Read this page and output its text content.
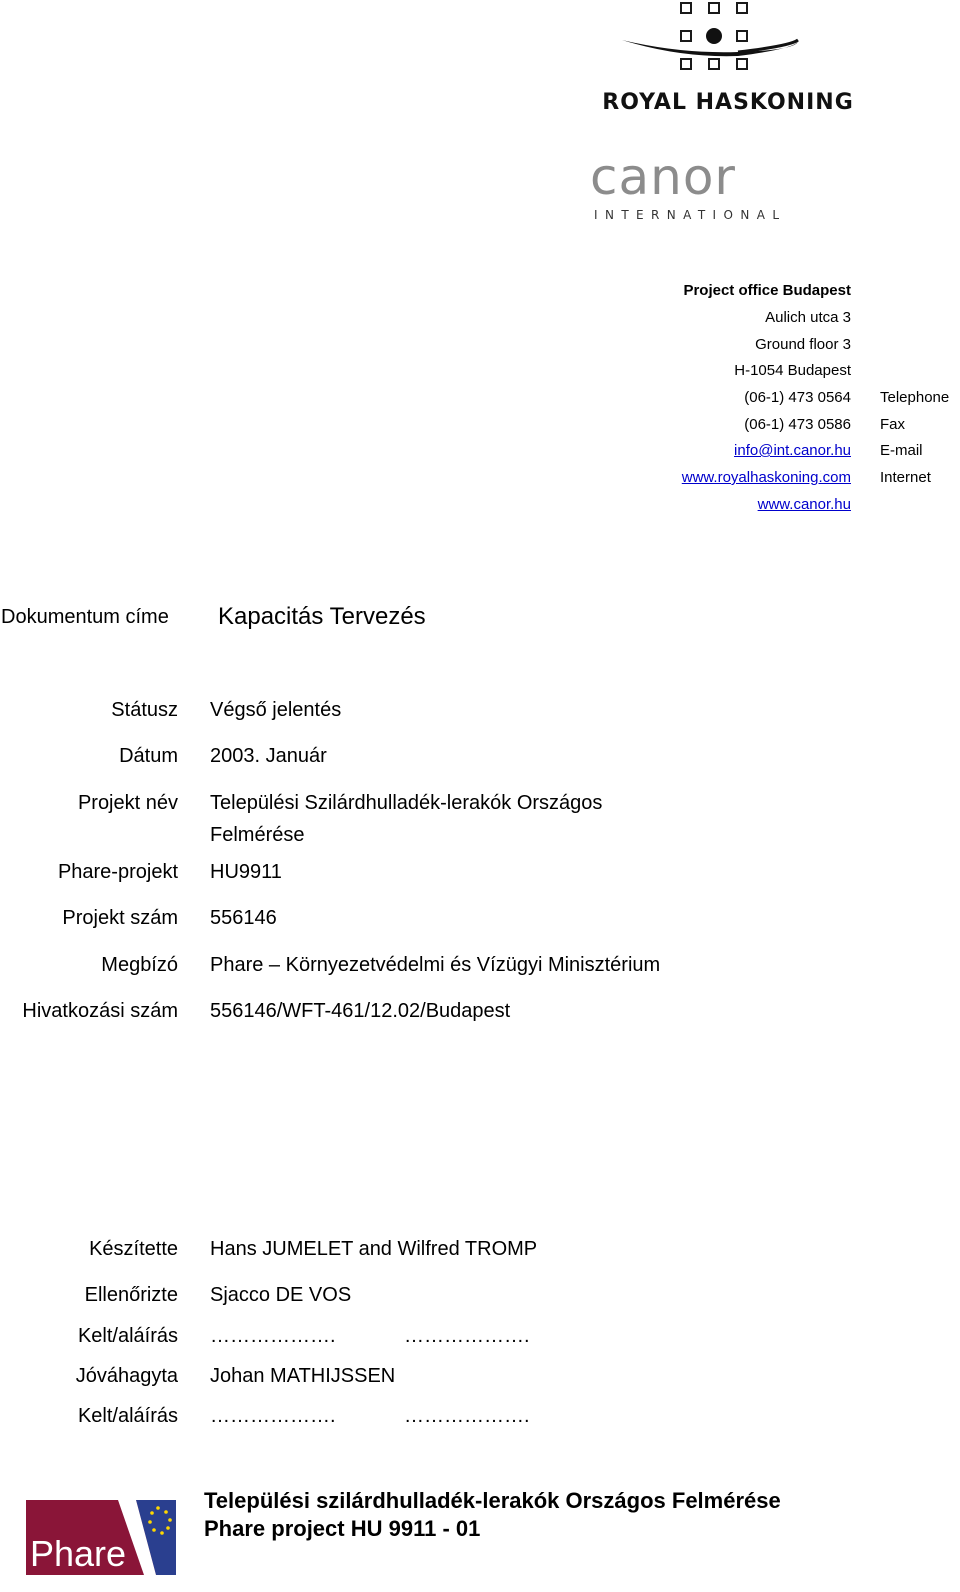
ROYAL HASKONING
canor
INTERNATIONAL
Project office Budapest
Aulich utca 3
Ground floor 3
H-1054 Budapest
(06-1) 473 0564 Telephone
(06-1) 473 0586 Fax
info@int.canor.hu E-mail
www.royalhaskoning.com Internet
www.canor.hu
Dokumentum címe Kapacitás Tervezés
Státusz Végső jelentés
Dátum 2003. Január
Projekt név Települési Szilárdhulladék-lerakók Országos
Felmérése
Phare-projekt HU9911
Projekt szám 556146
Megbízó Phare – Környezetvédelmi és Vízügyi Minisztérium
Hivatkozási szám 556146/WFT-461/12.02/Budapest
Készítette Hans JUMELET and Wilfred TROMP
Ellenőrizte Sjacco DE VOS
Kelt/aláírás ……………….	……………….
Jóváhagyta Johan MATHIJSSEN
Kelt/aláírás ……………….	……………….
Phare
Települési szilárdhulladék-lerakók Országos Felmérése
Phare project HU 9911 - 01
